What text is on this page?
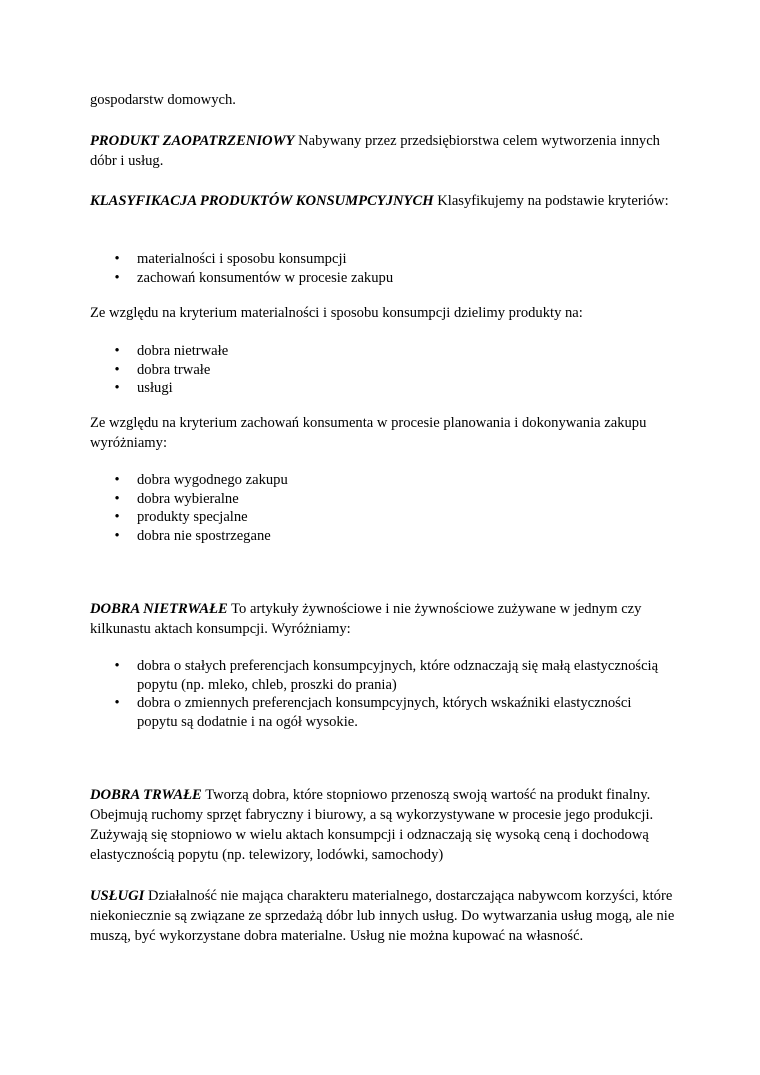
gospodarstw domowych.

PRODUKT ZAOPATRZENIOWY Nabywany przez przedsiębiorstwa celem wytworzenia innych dóbr i usług.

KLASYFIKACJA PRODUKTÓW KONSUMPCYJNYCH Klasyfikujemy na podstawie kryteriów:

• materialności i sposobu konsumpcji
• zachowań konsumentów w procesie zakupu

Ze względu na kryterium materialności i sposobu konsumpcji dzielimy produkty na:

• dobra nietrwałe
• dobra trwałe
• usługi

Ze względu na kryterium zachowań konsumenta w procesie planowania i dokonywania zakupu wyróżniamy:

• dobra wygodnego zakupu
• dobra wybieralne
• produkty specjalne
• dobra nie spostrzegane

DOBRA NIETRWAŁE To artykuły żywnościowe i nie żywnościowe zużywane w jednym czy kilkunastu aktach konsumpcji. Wyróżniamy:

• dobra o stałych preferencjach konsumpcyjnych, które odznaczają się małą elastycznością popytu (np. mleko, chleb, proszki do prania)
• dobra o zmiennych preferencjach konsumpcyjnych, których wskaźniki elastyczności popytu są dodatnie i na ogół wysokie.

DOBRA TRWAŁE Tworzą dobra, które stopniowo przenoszą swoją wartość na produkt finalny. Obejmują ruchomy sprzęt fabryczny i biurowy, a są wykorzystywane w procesie jego produkcji. Zużywają się stopniowo w wielu aktach konsumpcji i odznaczają się wysoką ceną i dochodową elastycznością popytu (np. telewizory, lodówki, samochody)

USŁUGI Działalność nie mająca charakteru materialnego, dostarczająca nabywcom korzyści, które niekoniecznie są związane ze sprzedażą dóbr lub innych usług. Do wytwarzania usług mogą, ale nie muszą, być wykorzystane dobra materialne. Usług nie można kupować na własność.
